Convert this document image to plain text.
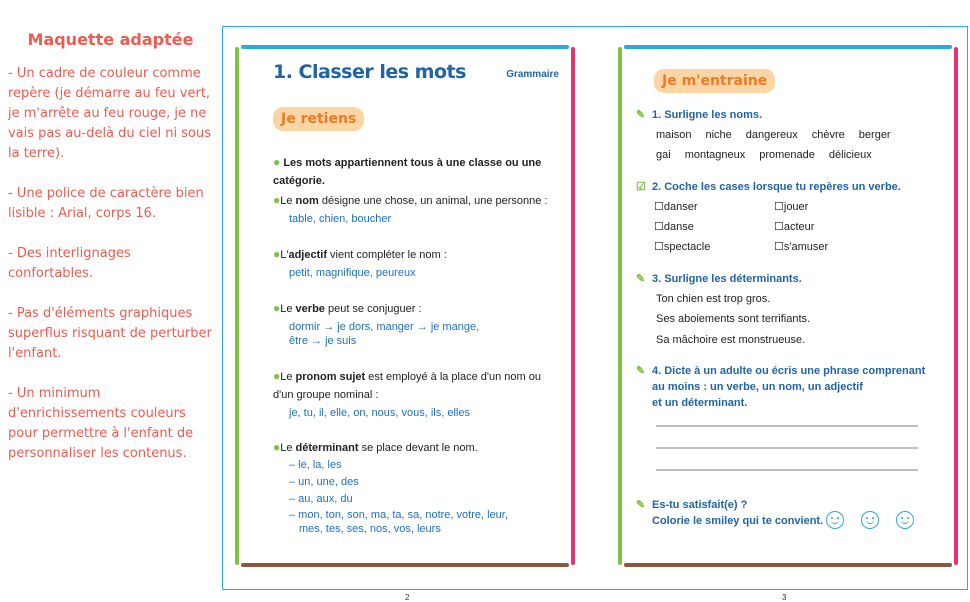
Maquette adaptée
- Un cadre de couleur comme repère (je démarre au feu vert, je m'arrête au feu rouge, je ne vais pas au-delà du ciel ni sous la terre).
- Une police de caractère bien lisible : Arial, corps 16.
- Des interlignages confortables.
- Pas d'éléments graphiques superflus risquant de perturber l'enfant.
- Un minimum d'enrichissements couleurs pour permettre à l'enfant de personnaliser les contenus.
1. Classer les mots	Grammaire
Je retiens
● Les mots appartiennent tous à une classe ou une catégorie.
●Le nom désigne une chose, un animal, une personne :
table, chien, boucher
●L'adjectif vient compléter le nom :
petit, magnifique, peureux
●Le verbe peut se conjuguer :
dormir → je dors, manger → je mange,
être → je suis
●Le pronom sujet est employé à la place d'un nom ou d'un groupe nominal :
je, tu, il, elle, on, nous, vous, ils, elles
●Le déterminant se place devant le nom.
– le, la, les
– un, une, des
– au, aux, du
– mon, ton, son, ma, ta, sa, notre, votre, leur,
mes, tes, ses, nos, vos, leurs
2
Je m'entraine
✎ 1. Surligne les noms.
maison niche dangereux chèvre berger
gai montagneux promenade délicieux
☑ 2. Coche les cases lorsque tu repères un verbe.
☐danser
☐danse
☐spectacle
☐jouer
☐acteur
☐s'amuser
✎ 3. Surligne les déterminants.
Ton chien est trop gros.
Ses aboiements sont terrifiants.
Sa mâchoire est monstrueuse.
✎ 4. Dicte à un adulte ou écris une phrase comprenant
au moins : un verbe, un nom, un adjectif
et un déterminant.
✎ Es-tu satisfait(e) ?
Colorie le smiley qui te convient.
3
